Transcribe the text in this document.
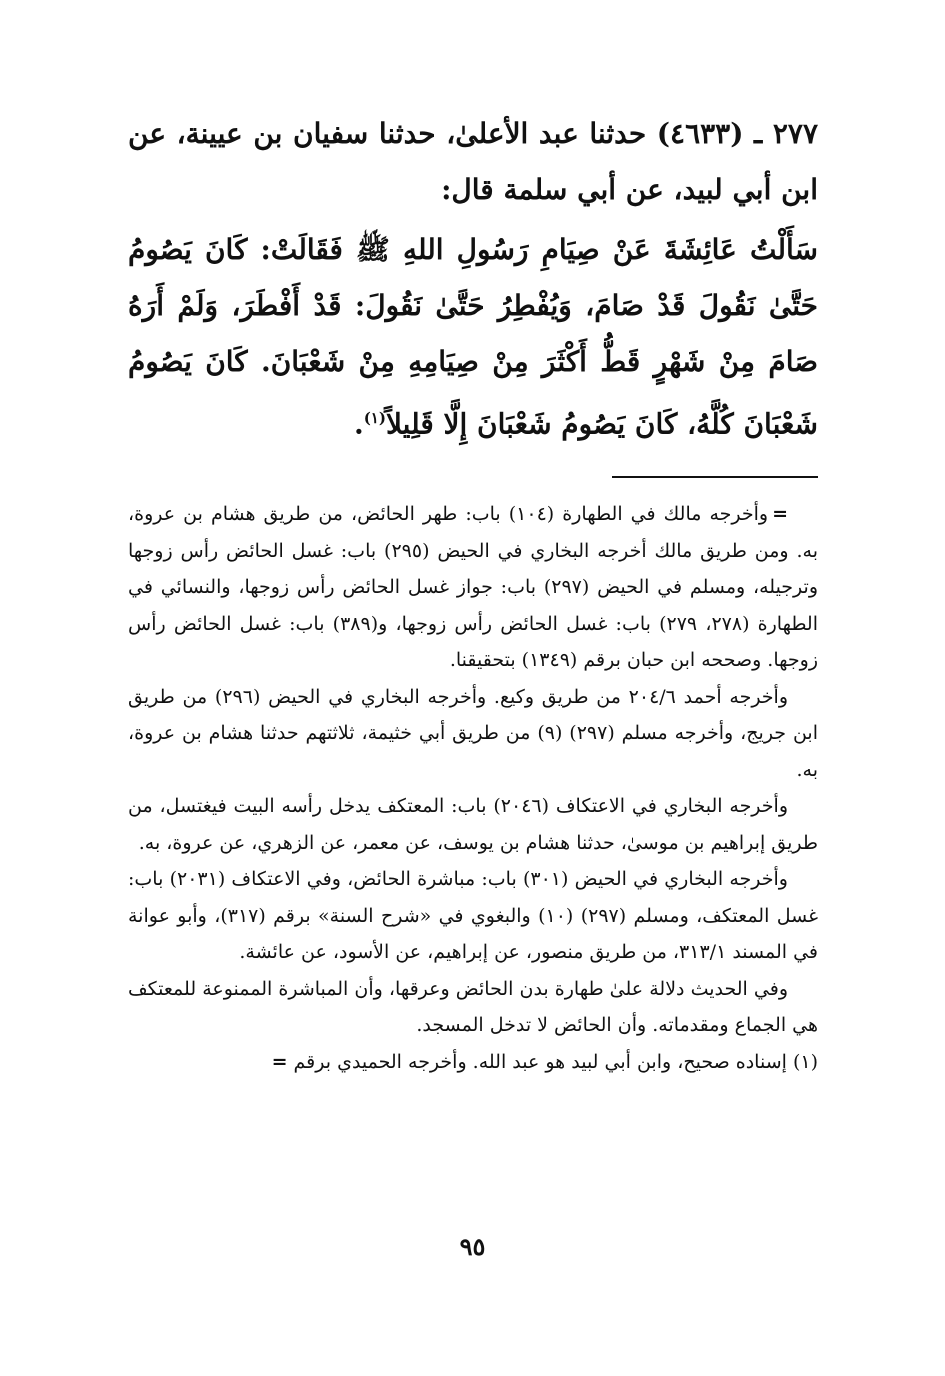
٢٧٧ ـ (٤٦٣٣) حدثنا عبد الأعلىٰ، حدثنا سفيان بن عيينة، عن ابن أبي لبيد، عن أبي سلمة قال:

سَأَلْتُ عَائِشَةَ عَنْ صِيَامِ رَسُولِ اللهِ ﷺ فَقَالَتْ: كَانَ يَصُومُ حَتَّىٰ نَقُولَ قَدْ صَامَ، وَيُفْطِرُ حَتَّىٰ نَقُولَ: قَدْ أَفْطَرَ، وَلَمْ أَرَهُ صَامَ مِنْ شَهْرٍ قَطُّ أَكْثَرَ مِنْ صِيَامِهِ مِنْ شَعْبَانَ. كَانَ يَصُومُ شَعْبَانَ كُلَّهُ، كَانَ يَصُومُ شَعْبَانَ إِلَّا قَلِيلاً$^{(١)}$.

=وأخرجه مالك في الطهارة (١٠٤) باب: طهر الحائض، من طريق هشام بن عروة، به. ومن طريق مالك أخرجه البخاري في الحيض (٢٩٥) باب: غسل الحائض رأس زوجها وترجيله، ومسلم في الحيض (٢٩٧) باب: جواز غسل الحائض رأس زوجها، والنسائي في الطهارة (٢٧٨، ٢٧٩) باب: غسل الحائض رأس زوجها، و(٣٨٩) باب: غسل الحائض رأس زوجها. وصححه ابن حبان برقم (١٣٤٩) بتحقيقنا.

وأخرجه أحمد ٢٠٤/٦ من طريق وكيع. وأخرجه البخاري في الحيض (٢٩٦) من طريق ابن جريج، وأخرجه مسلم (٢٩٧) (٩) من طريق أبي خثيمة، ثلاثتهم حدثنا هشام بن عروة، به.

وأخرجه البخاري في الاعتكاف (٢٠٤٦) باب: المعتكف يدخل رأسه البيت فيغتسل، من طريق إبراهيم بن موسىٰ، حدثنا هشام بن يوسف، عن معمر، عن الزهري، عن عروة، به.

وأخرجه البخاري في الحيض (٣٠١) باب: مباشرة الحائض، وفي الاعتكاف (٢٠٣١) باب: غسل المعتكف، ومسلم (٢٩٧) (١٠) والبغوي في «شرح السنة» برقم (٣١٧)، وأبو عوانة في المسند ٣١٣/١، من طريق منصور، عن إبراهيم، عن الأسود، عن عائشة.

وفي الحديث دلالة علىٰ طهارة بدن الحائض وعرقها، وأن المباشرة الممنوعة للمعتكف هي الجماع ومقدماته. وأن الحائض لا تدخل المسجد.

(١) إسناده صحيح، وابن أبي لبيد هو عبد الله. وأخرجه الحميدي برقم =

٩٥
